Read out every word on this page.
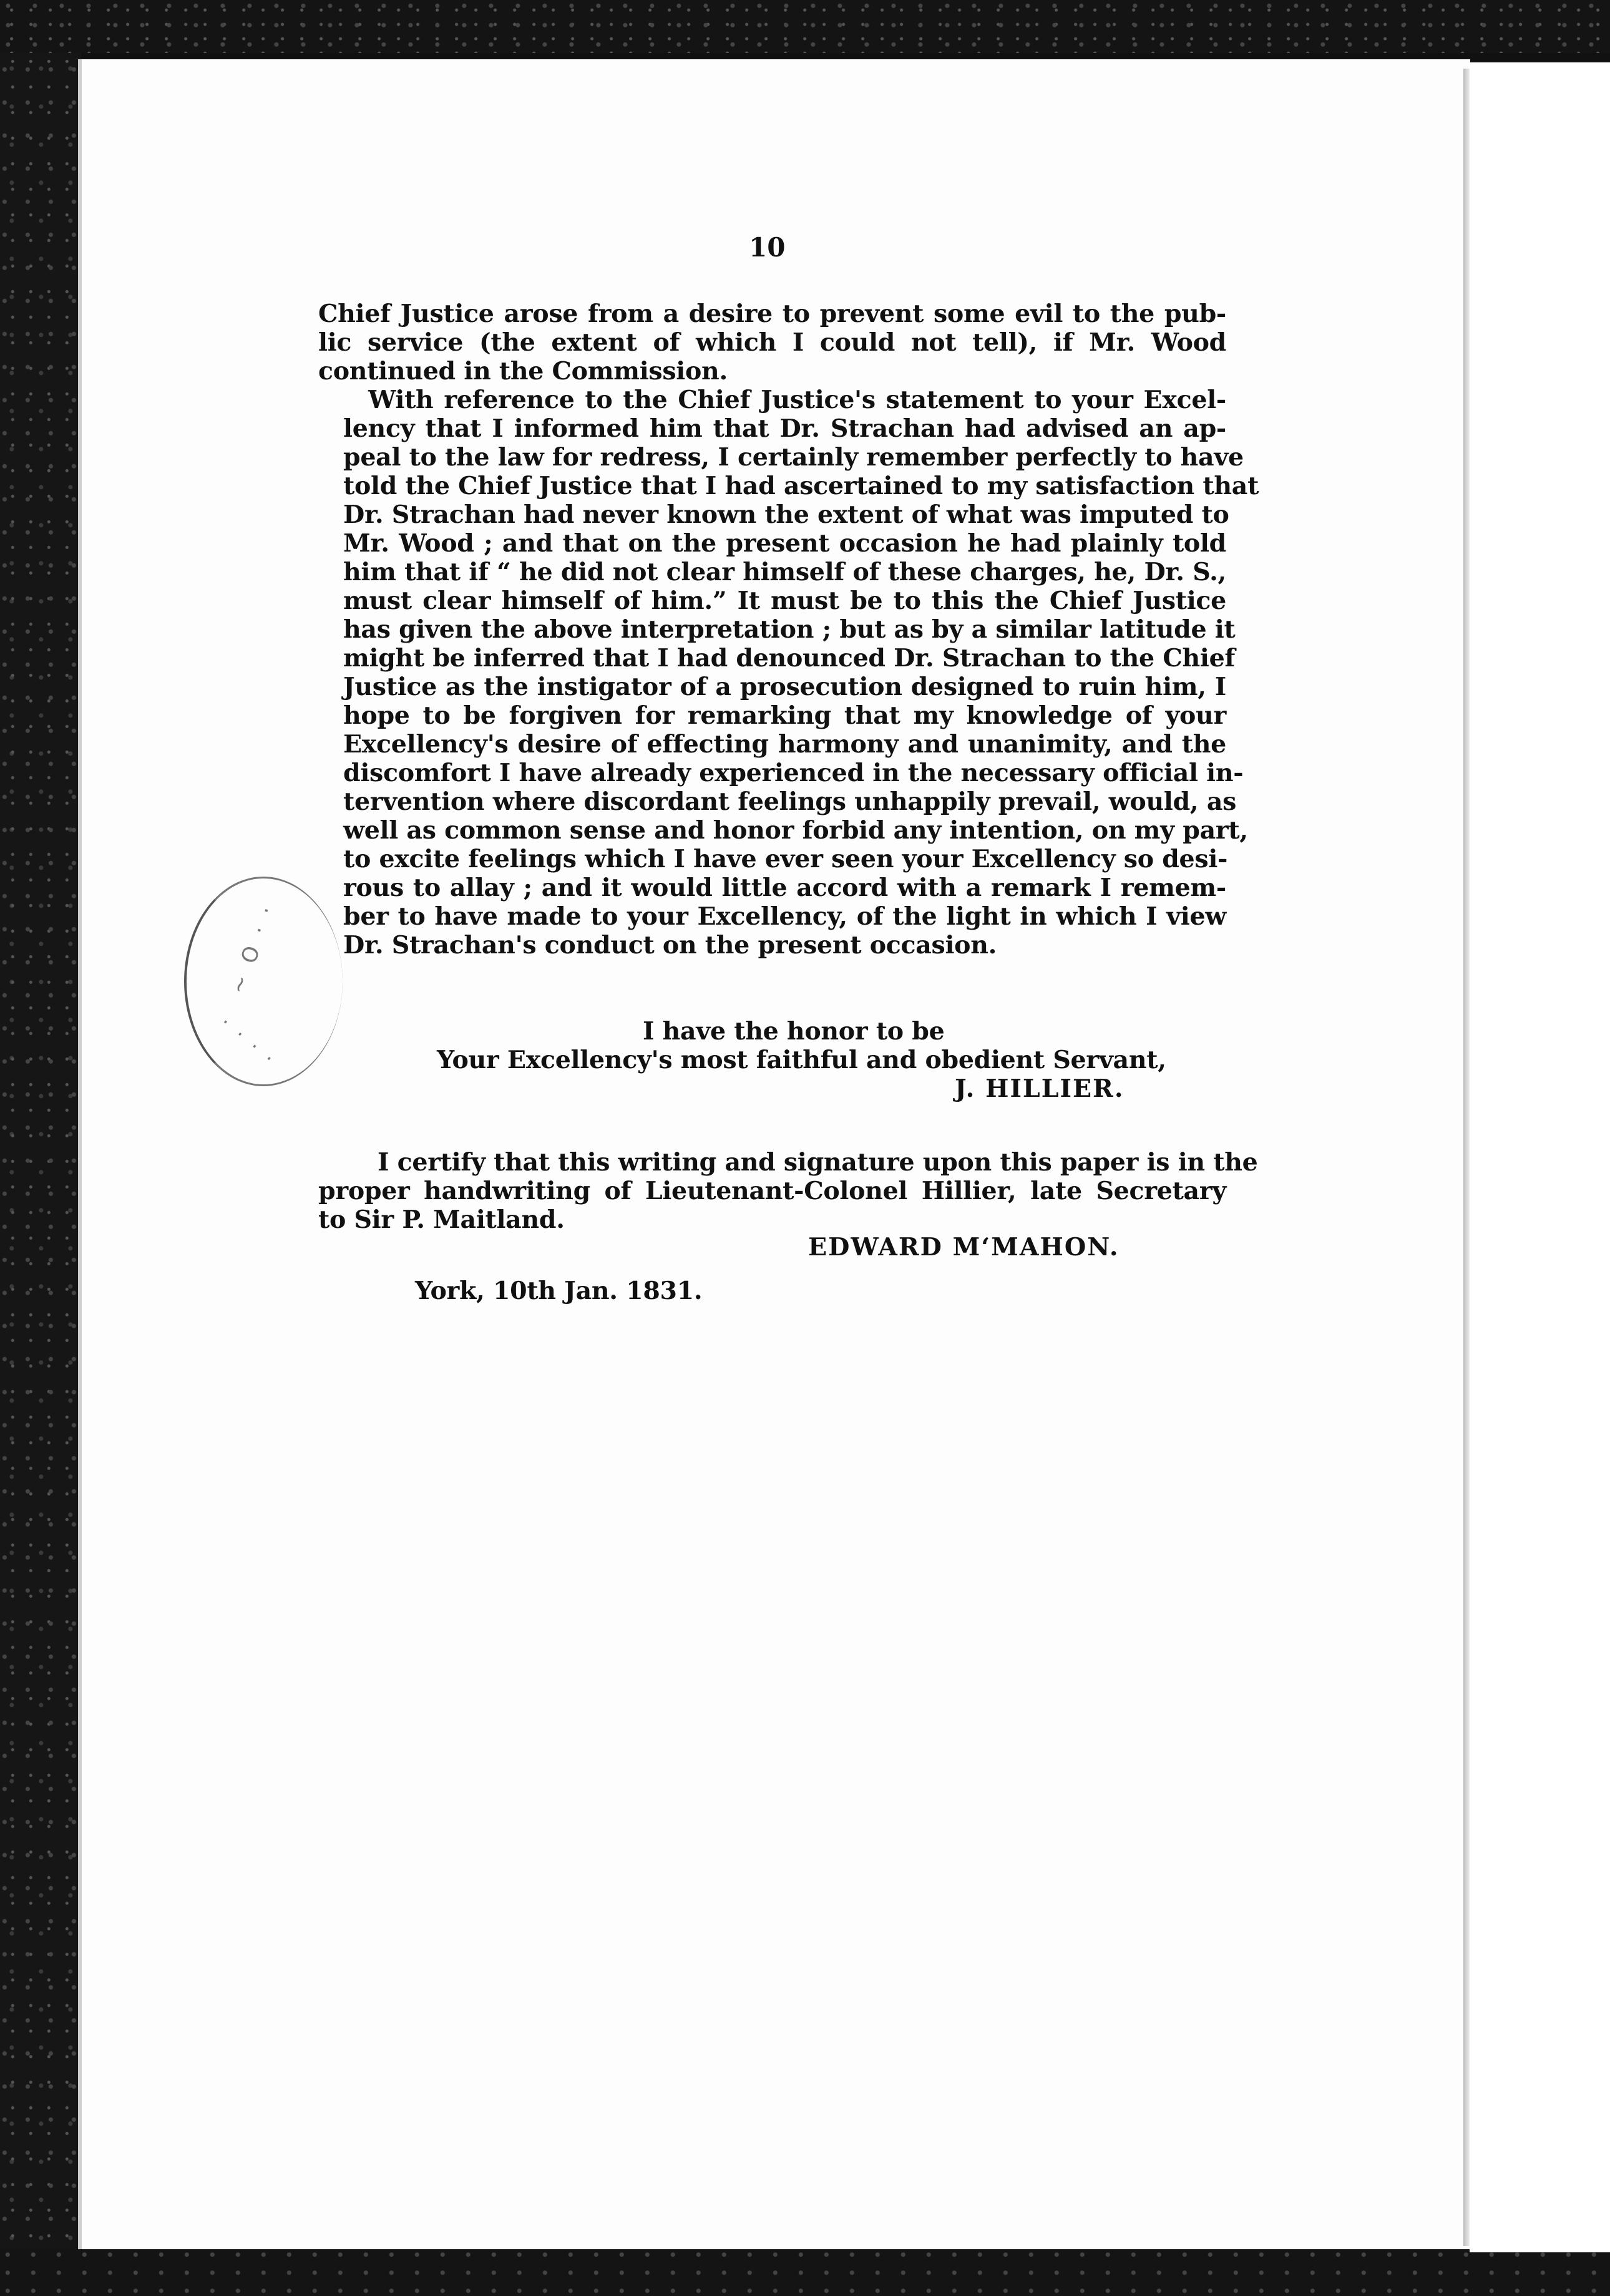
~ O · ·
· · · ·
10

Chief Justice arose from a desire to prevent some evil to the pub-
lic service (the extent of which I could not tell), if Mr. Wood
continued in the Commission.

With reference to the Chief Justice's statement to your Excel-
lency that I informed him that Dr. Strachan had advised an ap-
peal to the law for redress, I certainly remember perfectly to have
told the Chief Justice that I had ascertained to my satisfaction that
Dr. Strachan had never known the extent of what was imputed to
Mr. Wood ; and that on the present occasion he had plainly told
him that if “ he did not clear himself of these charges, he, Dr. S.,
must clear himself of him.” It must be to this the Chief Justice
has given the above interpretation ; but as by a similar latitude it
might be inferred that I had denounced Dr. Strachan to the Chief
Justice as the instigator of a prosecution designed to ruin him, I
hope to be forgiven for remarking that my knowledge of your
Excellency's desire of effecting harmony and unanimity, and the
discomfort I have already experienced in the necessary official in-
tervention where discordant feelings unhappily prevail, would, as
well as common sense and honor forbid any intention, on my part,
to excite feelings which I have ever seen your Excellency so desi-
rous to allay ; and it would little accord with a remark I remem-
ber to have made to your Excellency, of the light in which I view
Dr. Strachan's conduct on the present occasion.

I have the honor to be
Your Excellency's most faithful and obedient Servant,
J. HILLIER.

I certify that this writing and signature upon this paper is in the
proper handwriting of Lieutenant-Colonel Hillier, late Secretary
to Sir P. Maitland.

EDWARD M‘MAHON.
York, 10th Jan. 1831.
